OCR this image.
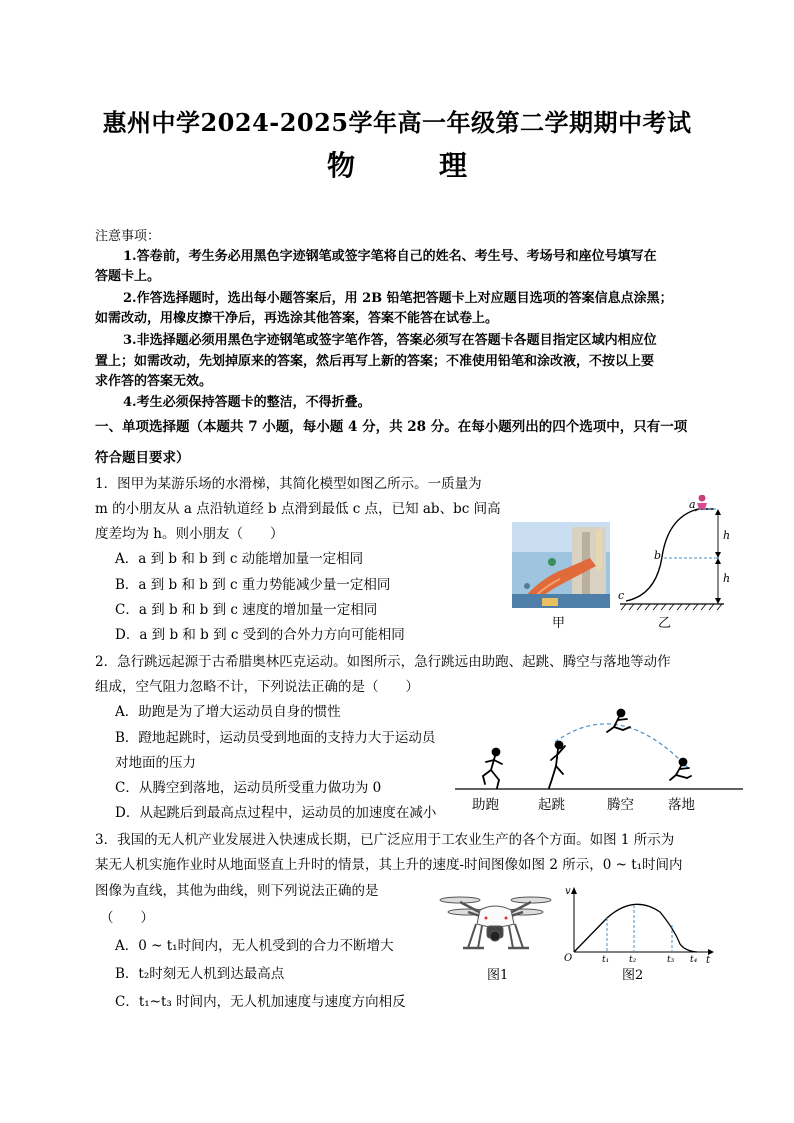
惠州中学2024-2025学年高一年级第二学期期中考试
物　理
注意事项：
1.答卷前，考生务必用黑色字迹钢笔或签字笔将自己的姓名、考生号、考场号和座位号填写在
答题卡上。
2.作答选择题时，选出每小题答案后，用 2B 铅笔把答题卡上对应题目选项的答案信息点涂黑；
如需改动，用橡皮擦干净后，再选涂其他答案，答案不能答在试卷上。
3.非选择题必须用黑色字迹钢笔或签字笔作答，答案必须写在答题卡各题目指定区域内相应位
置上；如需改动，先划掉原来的答案，然后再写上新的答案；不准使用铅笔和涂改液，不按以上要
求作答的答案无效。
4.考生必须保持答题卡的整洁，不得折叠。
一、单项选择题（本题共 7 小题，每小题 4 分，共 28 分。在每小题列出的四个选项中，只有一项
符合题目要求）
1．图甲为某游乐场的水滑梯，其简化模型如图乙所示。一质量为
m 的小朋友从 a 点沿轨道经 b 点滑到最低 c 点，已知 ab、bc 间高
度差均为 h。则小朋友（　　）
A．a 到 b 和 b 到 c 动能增加量一定相同
B．a 到 b 和 b 到 c 重力势能减少量一定相同
C．a 到 b 和 b 到 c 速度的增加量一定相同
D．a 到 b 和 b 到 c 受到的合外力方向可能相同
甲
a
b
c
h
h
乙
2．急行跳远起源于古希腊奥林匹克运动。如图所示，急行跳远由助跑、起跳、腾空与落地等动作
组成，空气阻力忽略不计，下列说法正确的是（　　）
A．助跑是为了增大运动员自身的惯性
B．蹬地起跳时，运动员受到地面的支持力大于运动员
对地面的压力
C．从腾空到落地，运动员所受重力做功为 0
D．从起跳后到最高点过程中，运动员的加速度在减小	助跑	起跳	腾空	落地
3．我国的无人机产业发展进入快速成长期，已广泛应用于工农业生产的各个方面。如图 1 所示为
某无人机实施作业时从地面竖直上升时的情景，其上升的速度-时间图像如图 2 所示，0 ~ t₁时间内
图像为直线，其他为曲线，则下列说法正确的是
（　　）
A．0 ~ t₁时间内，无人机受到的合力不断增大
B．t₂时刻无人机到达最高点
C．t₁~t₃ 时间内，无人机加速度与速度方向相反
图1
v
O	t
t₁ t₂	t₃ t₄
图2
